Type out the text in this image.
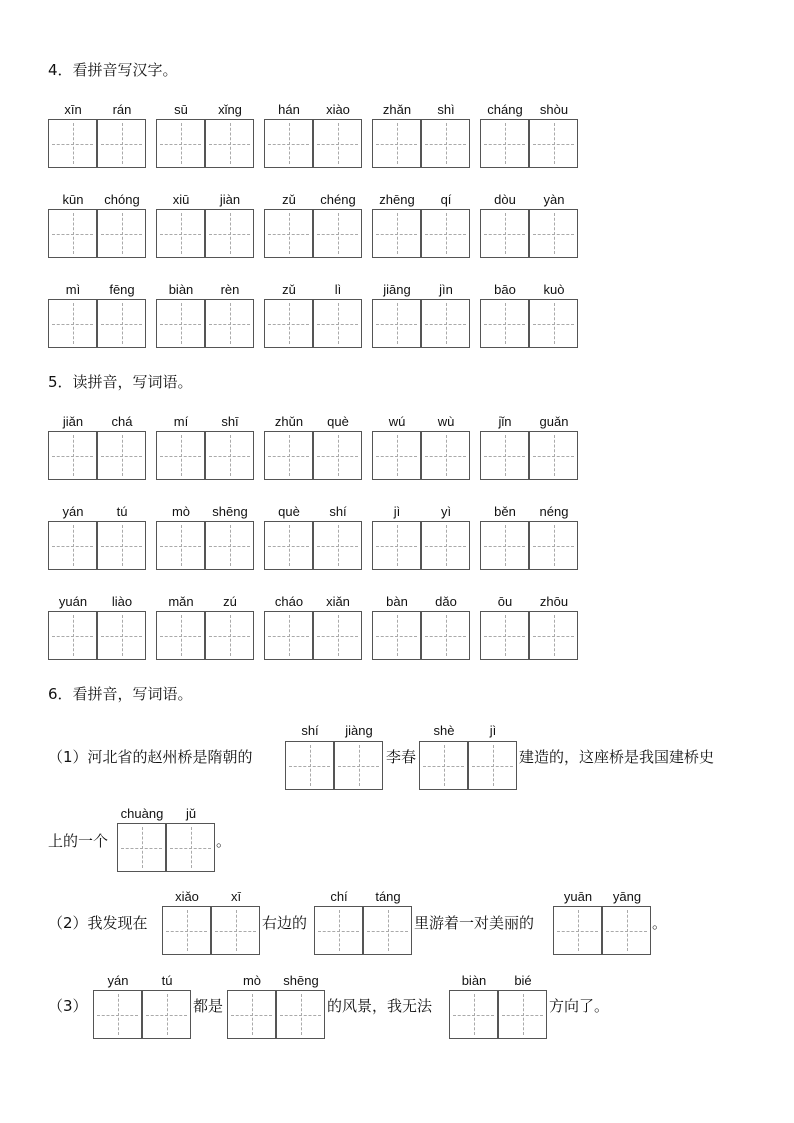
4．看拼音写汉字。
xīn	rán	sū	xǐng	hán	xiào	zhǎn	shì	cháng	shòu
kūn	chóng	xiū	jiàn	zǔ	chéng	zhēng	qí	dòu	yàn
mì	fēng	biàn	rèn	zǔ	lì	jiāng	jìn	bāo	kuò
5．读拼音，写词语。
jiǎn	chá	mí	shī	zhǔn	què	wú	wù	jǐn	guǎn
yán	tú	mò	shēng	què	shí	jì	yì	běn	néng
yuán	liào	mǎn	zú	cháo	xiǎn	bàn	dǎo	ōu	zhōu
6．看拼音，写词语。
（1）河北省的赵州桥是隋朝的
shí	jiàng
李春
shè	jì
建造的，这座桥是我国建桥史
上的一个
chuàng	jǔ
。
（2）我发现在
xiǎo	xī
右边的
chí	táng
里游着一对美丽的
yuān	yāng
。
（3）
yán	tú
都是
mò	shēng
的风景，我无法
biàn	bié
方向了。
